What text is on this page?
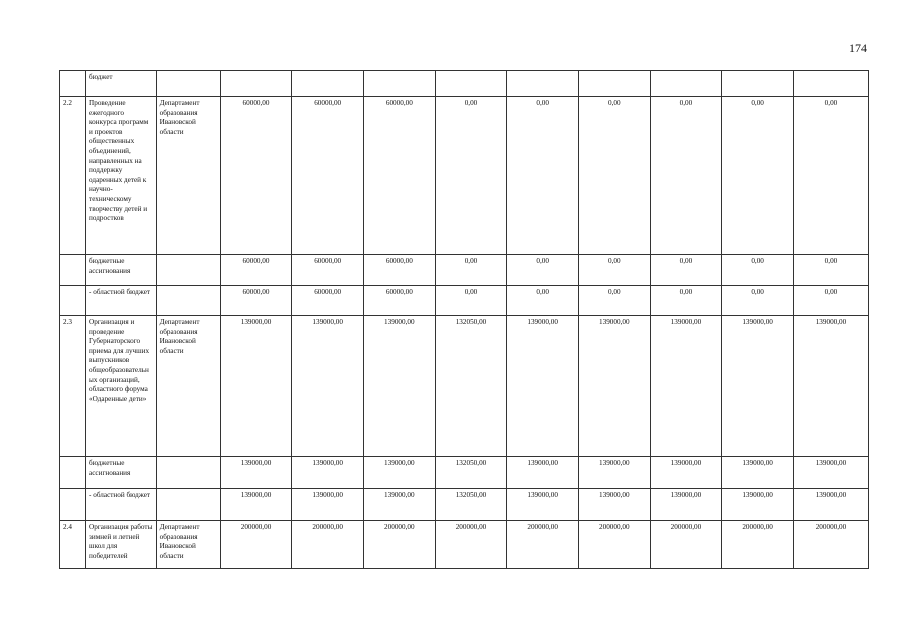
174
	бюджет										
2.2	Проведение ежегодного конкурса программ и проектов общественных объединений, направленных на поддержку одаренных детей к научно-техническому творчеству детей и подростков	Департамент образования Ивановской области	60000,00	60000,00	60000,00	0,00	0,00	0,00	0,00	0,00	0,00
	бюджетные ассигнования		60000,00	60000,00	60000,00	0,00	0,00	0,00	0,00	0,00	0,00
	- областной бюджет		60000,00	60000,00	60000,00	0,00	0,00	0,00	0,00	0,00	0,00
2.3	Организация и проведение Губернаторского приема для лучших выпускников общеобразовательных организаций, областного форума «Одаренные дети»	Департамент образования Ивановской области	139000,00	139000,00	139000,00	132050,00	139000,00	139000,00	139000,00	139000,00	139000,00
	бюджетные ассигнования		139000,00	139000,00	139000,00	132050,00	139000,00	139000,00	139000,00	139000,00	139000,00
	- областной бюджет		139000,00	139000,00	139000,00	132050,00	139000,00	139000,00	139000,00	139000,00	139000,00
2.4	Организация работы зимней и летней школ для победителей	Департамент образования Ивановской области	200000,00	200000,00	200000,00	200000,00	200000,00	200000,00	200000,00	200000,00	200000,00
